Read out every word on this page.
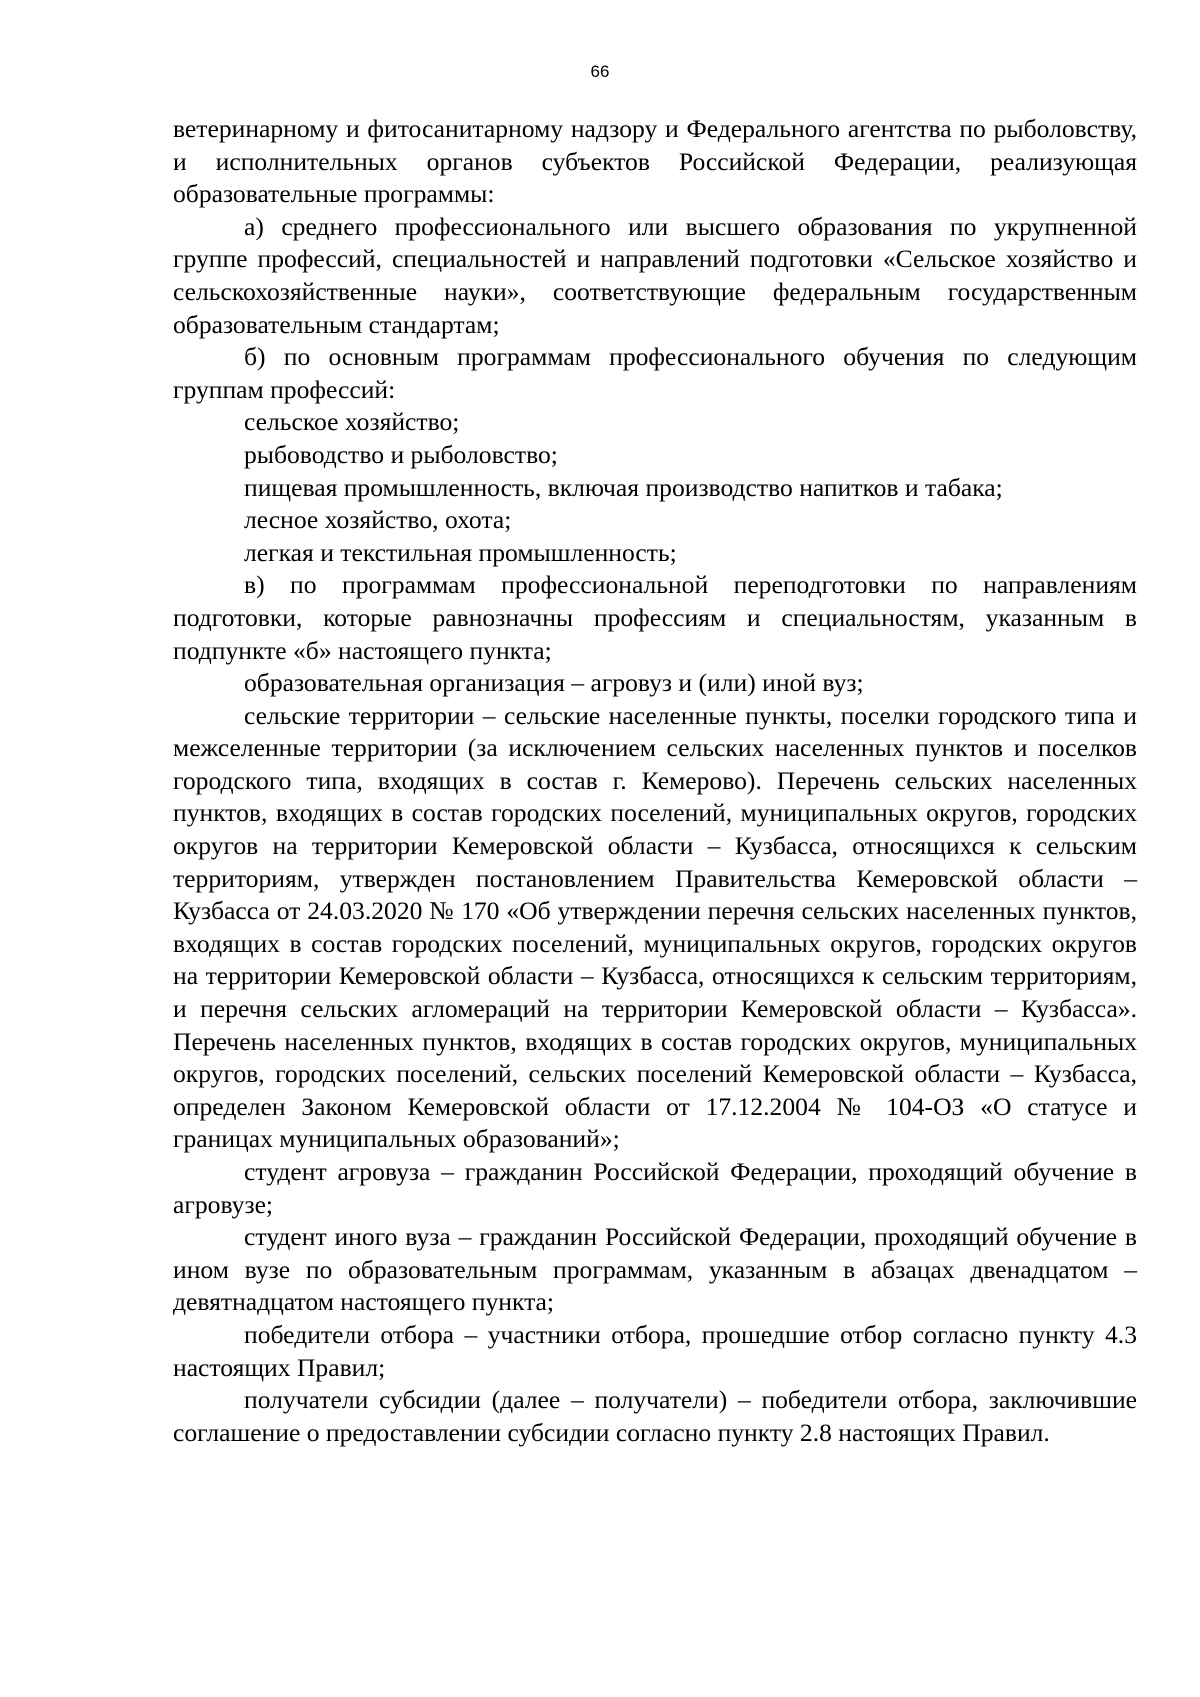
66

ветеринарному и фитосанитарному надзору и Федерального агентства по рыболовству, и исполнительных органов субъектов Российской Федерации, реализующая образовательные программы:

а) среднего профессионального или высшего образования по укрупненной группе профессий, специальностей и направлений подготовки «Сельское хозяйство и сельскохозяйственные науки», соответствующие федеральным государственным образовательным стандартам;

б) по основным программам профессионального обучения по следующим группам профессий:

сельское хозяйство;

рыбоводство и рыболовство;

пищевая промышленность, включая производство напитков и табака;

лесное хозяйство, охота;

легкая и текстильная промышленность;

в) по программам профессиональной переподготовки по направлениям подготовки, которые равнозначны профессиям и специальностям, указанным в подпункте «б» настоящего пункта;

образовательная организация – агровуз и (или) иной вуз;

сельские территории – сельские населенные пункты, поселки городского типа и межселенные территории (за исключением сельских населенных пунктов и поселков городского типа, входящих в состав г. Кемерово). Перечень сельских населенных пунктов, входящих в состав городских поселений, муниципальных округов, городских округов на территории Кемеровской области – Кузбасса, относящихся к сельским территориям, утвержден постановлением Правительства Кемеровской области – Кузбасса от 24.03.2020 № 170 «Об утверждении перечня сельских населенных пунктов, входящих в состав городских поселений, муниципальных округов, городских округов на территории Кемеровской области – Кузбасса, относящихся к сельским территориям, и перечня сельских агломераций на территории Кемеровской области – Кузбасса». Перечень населенных пунктов, входящих в состав городских округов, муниципальных округов, городских поселений, сельских поселений Кемеровской области – Кузбасса, определен Законом Кемеровской области от 17.12.2004 № 104-ОЗ «О статусе и границах муниципальных образований»;

студент агровуза – гражданин Российской Федерации, проходящий обучение в агровузе;

студент иного вуза – гражданин Российской Федерации, проходящий обучение в ином вузе по образовательным программам, указанным в абзацах двенадцатом – девятнадцатом настоящего пункта;

победители отбора – участники отбора, прошедшие отбор согласно пункту 4.3 настоящих Правил;

получатели субсидии (далее – получатели) – победители отбора, заключившие соглашение о предоставлении субсидии согласно пункту 2.8 настоящих Правил.
